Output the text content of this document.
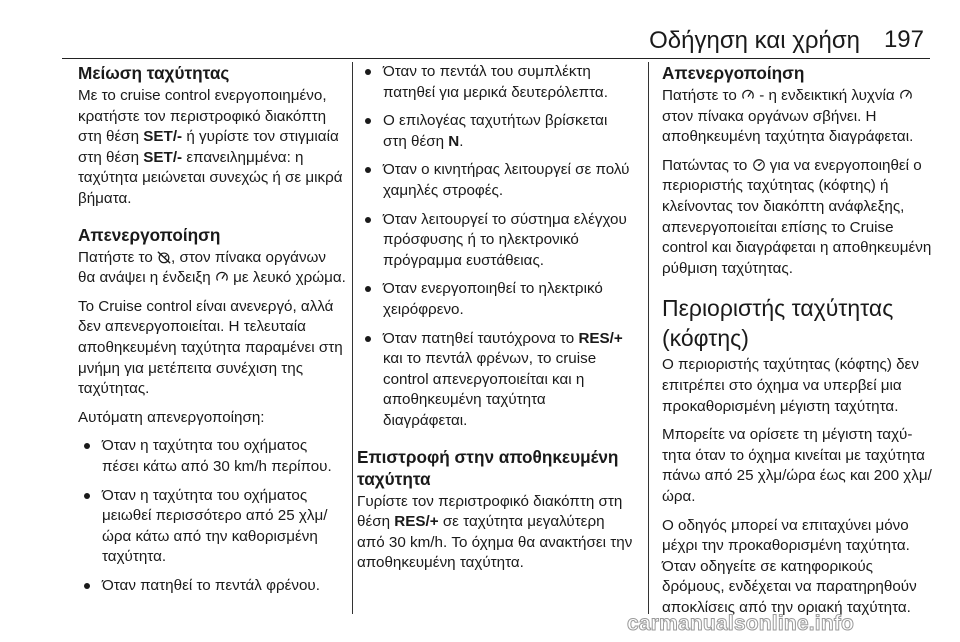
Οδήγηση και χρήση 197
Μείωση ταχύτητας

Με το cruise control ενεργοποιημένο, κρατήστε τον περιστροφικό διακόπτη στη θέση SET/- ή γυρίστε τον στιγμιαία στη θέση SET/- επανειλημμένα: η ταχύτητα μειώνεται συνεχώς ή σε μικρά βήματα.

Απενεργοποίηση

Πατήστε το , στον πίνακα οργάνων θα ανάψει η ένδειξη  με λευκό χρώμα.

Το Cruise control είναι ανενεργό, αλλά δεν απενεργοποιείται. Η τελευταία αποθηκευμένη ταχύτητα παραμένει στη μνήμη για μετέπειτα συνέχιση της ταχύτητας.

Αυτόματη απενεργοποίηση:

Όταν η ταχύτητα του οχήματος πέσει κάτω από 30 km/h περίπου.
Όταν η ταχύτητα του οχήματος μειωθεί περισσότερο από 25 χλμ/ώρα κάτω από την καθορισμένη ταχύτητα.
Όταν πατηθεί το πεντάλ φρένου.
Όταν το πεντάλ του συμπλέκτη πατηθεί για μερικά δευτερόλεπτα.
Ο επιλογέας ταχυτήτων βρίσκεται στη θέση N.
Όταν ο κινητήρας λειτουργεί σε πολύ χαμηλές στροφές.
Όταν λειτουργεί το σύστημα ελέγχου πρόσφυσης ή το ηλεκτρονικό πρόγραμμα ευστάθειας.
Όταν ενεργοποιηθεί το ηλεκτρικό χειρόφρενο.
Όταν πατηθεί ταυτόχρονα το RES/+ και το πεντάλ φρένων, το cruise control απενεργοποιείται και η αποθηκευμένη ταχύτητα διαγράφεται.
Επιστροφή στην αποθηκευμένη ταχύτητα

Γυρίστε τον περιστροφικό διακόπτη στη θέση RES/+ σε ταχύτητα μεγαλύτερη από 30 km/h. Το όχημα θα ανακτήσει την αποθηκευμένη ταχύτητα.

Απενεργοποίηση

Πατήστε το  - η ενδεικτική λυχνία  στον πίνακα οργάνων σβήνει. Η αποθηκευμένη ταχύτητα διαγράφεται.

Πατώντας το  για να ενεργοποιηθεί ο περιοριστής ταχύτητας (κόφτης) ή κλείνοντας τον διακόπτη ανάφλεξης, απενεργοποιείται επίσης το Cruise control και διαγράφεται η αποθηκευμένη ρύθμιση ταχύτητας.

Περιοριστής ταχύτητας (κόφτης)

Ο περιοριστής ταχύτητας (κόφτης) δεν επιτρέπει στο όχημα να υπερβεί μια προκαθορισμένη μέγιστη ταχύτητα.

Μπορείτε να ορίσετε τη μέγιστη ταχύτητα όταν το όχημα κινείται με ταχύτητα πάνω από 25 χλμ/ώρα έως και 200 χλμ/ώρα.

Ο οδηγός μπορεί να επιταχύνει μόνο μέχρι την προκαθορισμένη ταχύτητα. Όταν οδηγείτε σε κατηφορικούς δρόμους, ενδέχεται να παρατηρηθούν αποκλίσεις από την οριακή ταχύτητα.

carmanualsonline.info
